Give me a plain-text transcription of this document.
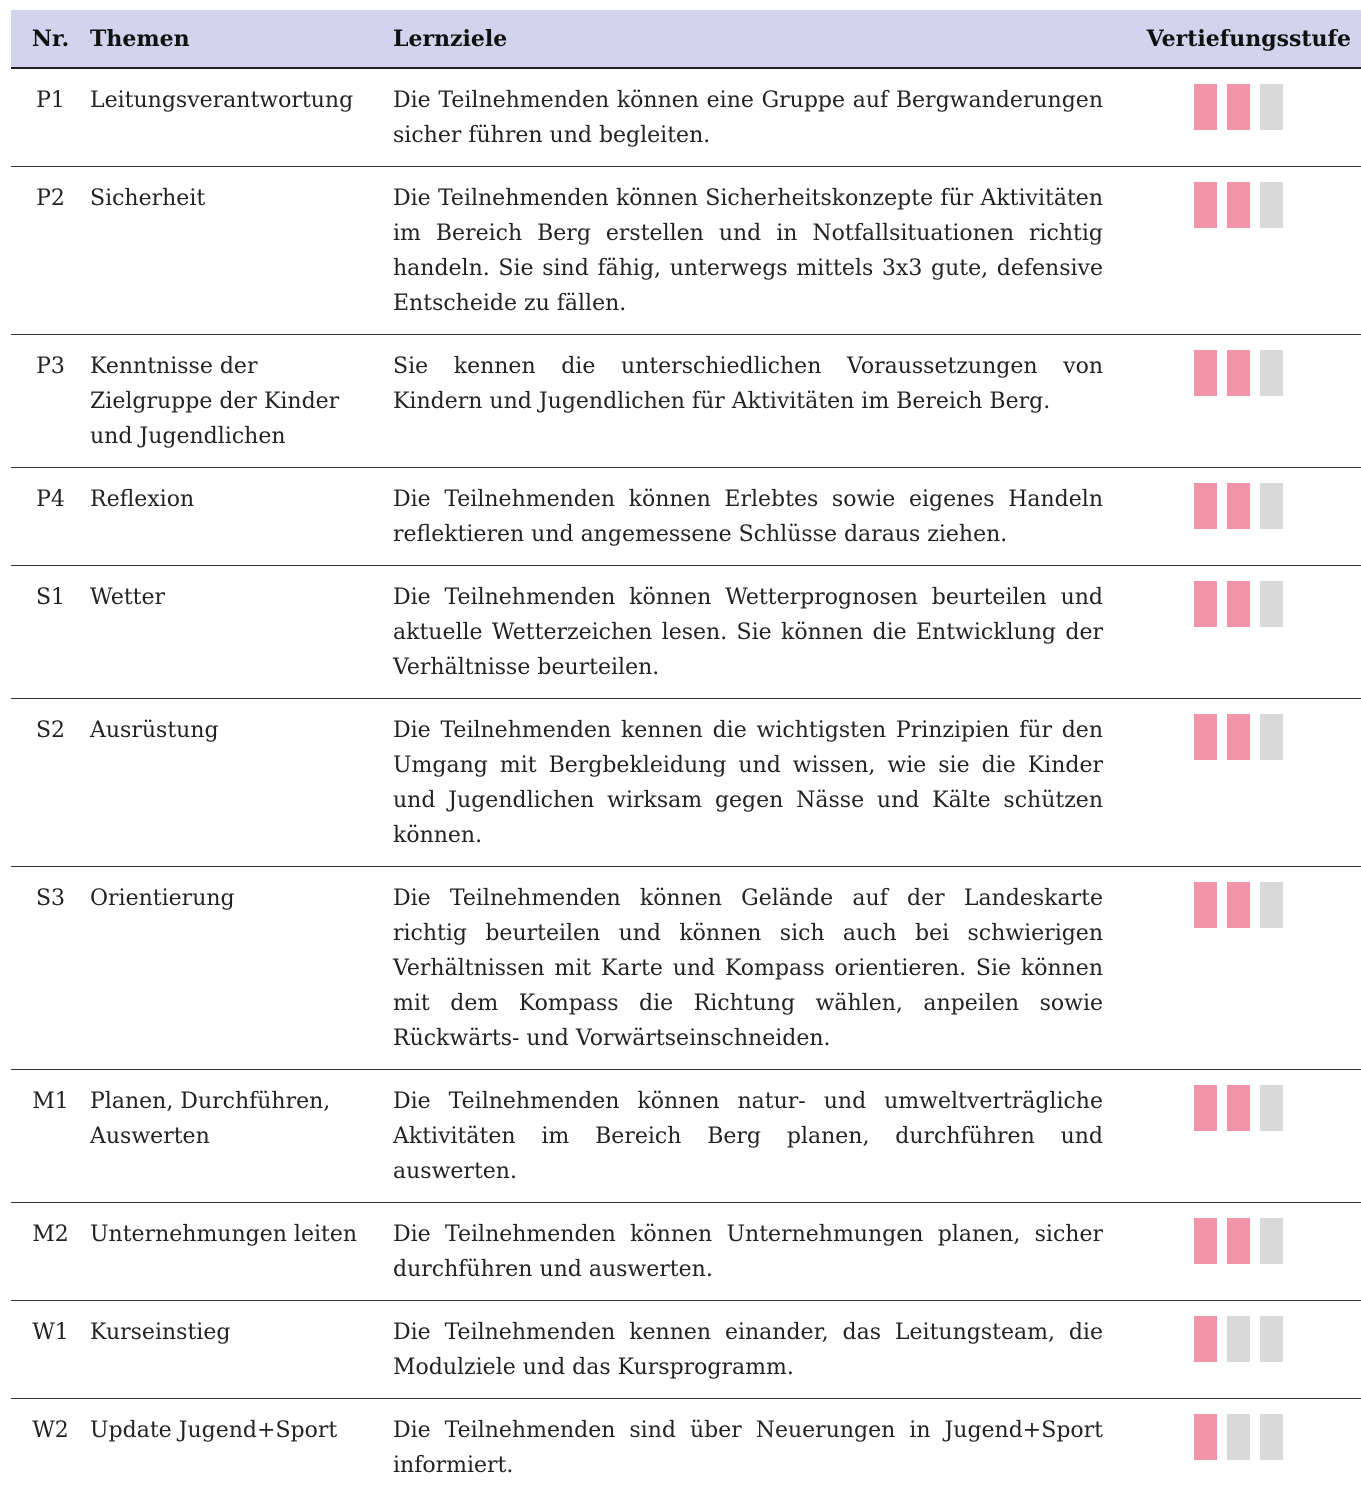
Nr.	Themen	Lernziele	Vertiefungsstufe
P1	Leitungsverantwortung	Die Teilnehmenden können eine Gruppe auf Bergwanderungen sicher führen und begleiten.	

P2	Sicherheit	Die Teilnehmenden können Sicherheitskonzepte für Aktivitäten im Bereich Berg erstellen und in Notfallsituationen richtig handeln. Sie sind fähig, unterwegs mittels 3x3 gute, defensive Entscheide zu fällen.	

P3	Kenntnisse der Zielgruppe der Kinder und Jugendlichen	Sie kennen die unterschiedlichen Voraussetzungen von Kindern und Jugendlichen für Aktivitäten im Bereich Berg.	

P4	Reflexion	Die Teilnehmenden können Erlebtes sowie eigenes Handeln reflektieren und angemessene Schlüsse daraus ziehen.	

S1	Wetter	Die Teilnehmenden können Wetterprognosen beurteilen und aktuelle Wetterzeichen lesen. Sie können die Entwicklung der Verhältnisse beurteilen.	

S2	Ausrüstung	Die Teilnehmenden kennen die wichtigsten Prinzipien für den Umgang mit Bergbekleidung und wissen, wie sie die Kinder und Jugendlichen wirksam gegen Nässe und Kälte schützen können.	

S3	Orientierung	Die Teilnehmenden können Gelände auf der Landeskarte richtig beurteilen und können sich auch bei schwierigen Verhältnissen mit Karte und Kompass orientieren. Sie können mit dem Kompass die Richtung wählen, anpeilen sowie Rückwärts- und Vorwärtseinschneiden.	

M1	Planen, Durchführen, Auswerten	Die Teilnehmenden können natur- und umweltverträgliche Aktivitäten im Bereich Berg planen, durchführen und auswerten.	

M2	Unternehmungen leiten	Die Teilnehmenden können Unternehmungen planen, sicher durchführen und auswerten.	

W1	Kurseinstieg	Die Teilnehmenden kennen einander, das Leitungsteam, die Modulziele und das Kursprogramm.	

W2	Update Jugend+Sport	Die Teilnehmenden sind über Neuerungen in Jugend+Sport informiert.	
